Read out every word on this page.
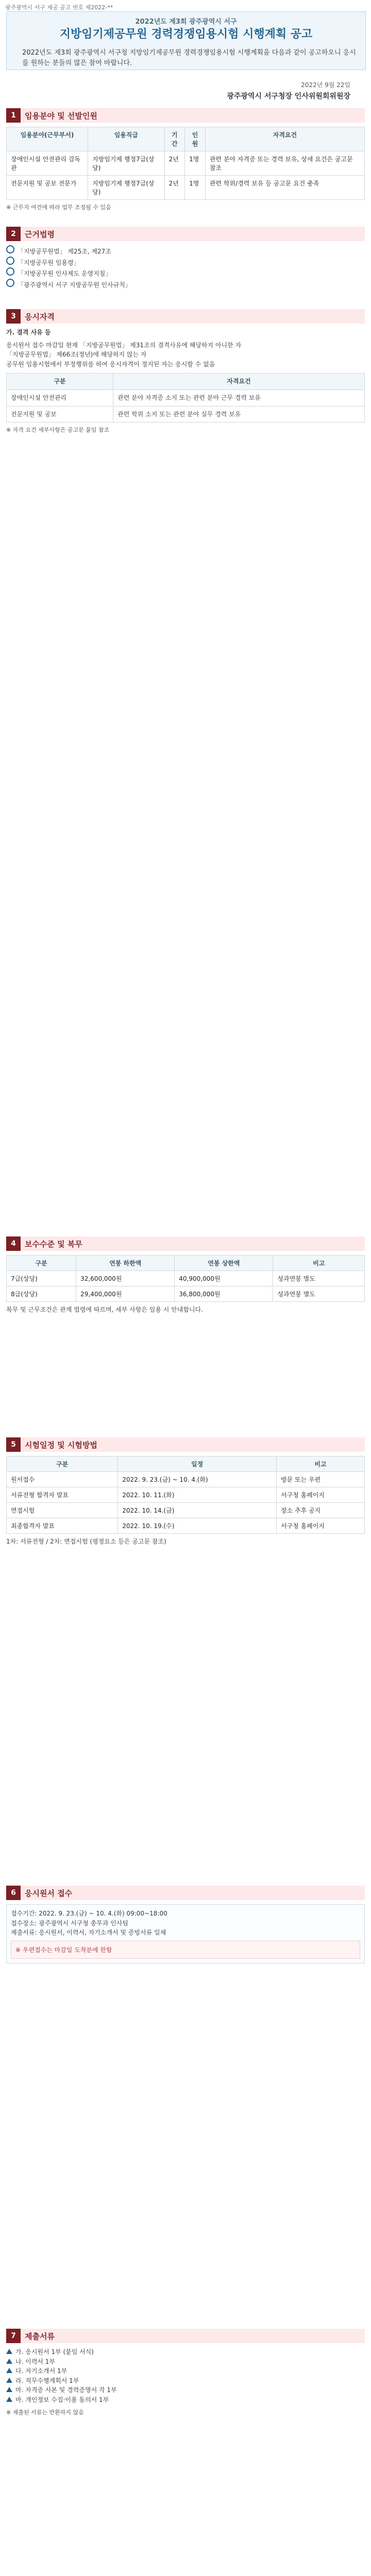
광주광역시 서구 제공 공고 번호 제2022-**
2022년도 제3회 광주광역시 서구
지방임기제공무원 경력경쟁임용시험 시행계획 공고
2022년도 제3회 광주광역시 서구청 지방임기제공무원 경력경쟁임용시험 시행계획을 다음과 같이 공고하오니 응시를 원하는 분들의 많은 참여 바랍니다.
2022년 9월 22일
광주광역시 서구청장 인사위원회위원장
1	임용분야 및 선발인원
임용분야(근무부서)	임용직급	기간	인원	자격요건
장애인시설 안전관리 감독관	지방임기제 행정7급(상당)	2년	1명	관련 분야 자격증 또는 경력 보유, 상세 요건은 공고문 참조
전문지원 및 공보 전문가	지방임기제 행정7급(상당)	2년	1명	관련 학위/경력 보유 등 공고문 요건 충족
※ 근무지 여건에 따라 업무 조정될 수 있음
2	근거법령
「지방공무원법」 제25조, 제27조
「지방공무원 임용령」
「지방공무원 인사제도 운영지침」
「광주광역시 서구 지방공무원 인사규칙」
3	응시자격
가. 결격 사유 등
응시원서 접수 마감일 현재 「지방공무원법」 제31조의 결격사유에 해당하지 아니한 자
「지방공무원법」 제66조(정년)에 해당하지 않는 자
공무원 임용시험에서 부정행위를 하여 응시자격이 정지된 자는 응시할 수 없음
구분	자격요건
장애인시설 안전관리	관련 분야 자격증 소지 또는 관련 분야 근무 경력 보유
전문지원 및 공보	관련 학위 소지 또는 관련 분야 실무 경력 보유
※ 자격 요건 세부사항은 공고문 붙임 참조
4	보수수준 및 복무
구분	연봉 하한액	연봉 상한액	비고
7급(상당)	32,600,000원	40,900,000원	성과연봉 별도
8급(상당)	29,400,000원	36,800,000원	성과연봉 별도
복무 및 근무조건은 관계 법령에 따르며, 세부 사항은 임용 시 안내합니다.
5	시험일정 및 시험방법
구분	일정	비고
원서접수	2022. 9. 23.(금) ~ 10. 4.(화)	방문 또는 우편
서류전형 합격자 발표	2022. 10. 11.(화)	서구청 홈페이지
면접시험	2022. 10. 14.(금)	장소 추후 공지
최종합격자 발표	2022. 10. 19.(수)	서구청 홈페이지
1차: 서류전형 / 2차: 면접시험 (평정요소 등은 공고문 참조)
6	응시원서 접수
접수기간: 2022. 9. 23.(금) ~ 10. 4.(화) 09:00~18:00
접수장소: 광주광역시 서구청 총무과 인사팀
제출서류: 응시원서, 이력서, 자기소개서 및 증빙서류 일체
※ 우편접수는 마감일 도착분에 한함
7	제출서류
가. 응시원서 1부 (붙임 서식)
나. 이력서 1부
다. 자기소개서 1부
라. 직무수행계획서 1부
마. 자격증 사본 및 경력증명서 각 1부
바. 개인정보 수집·이용 동의서 1부
※ 제출된 서류는 반환하지 않음
